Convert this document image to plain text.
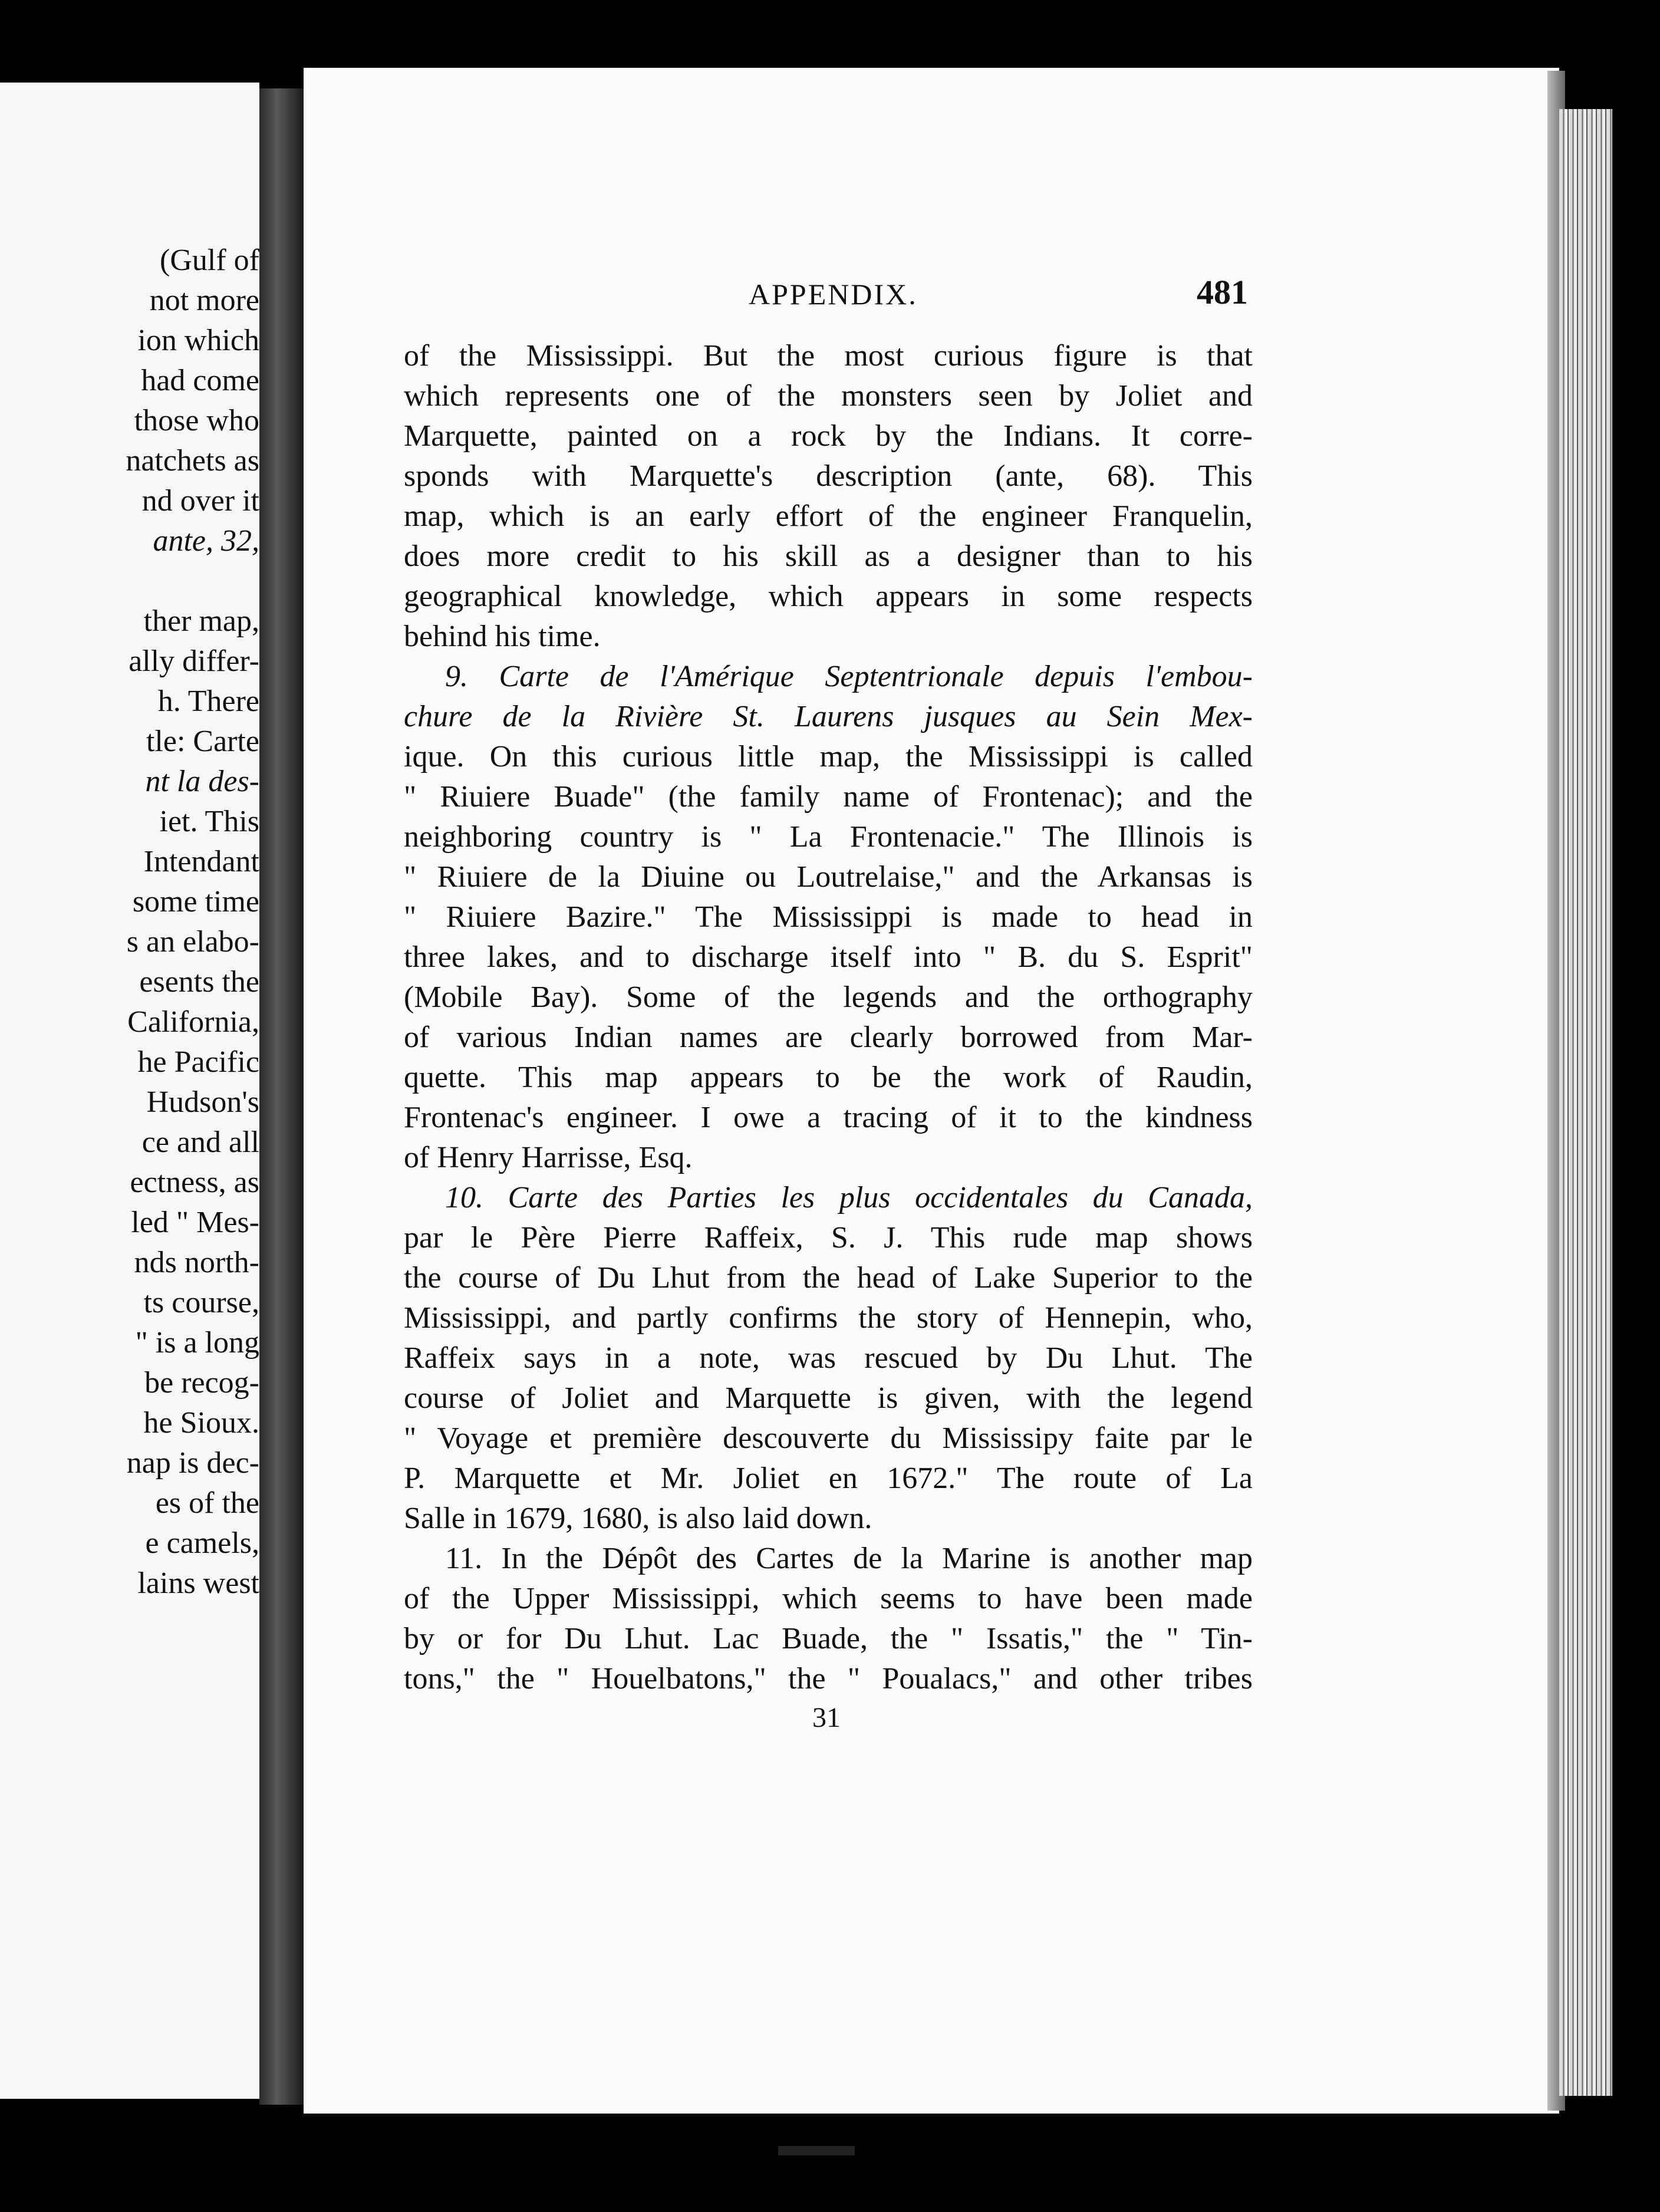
(Gulf of
not more
ion which
had come
those who
natchets as
nd over it
ante, 32,
ther map,
ally differ-
h. There
tle: Carte
nt la des-
iet. This
Intendant
some time
s an elabo-
esents the
California,
he Pacific
Hudson's
ce and all
ectness, as
led " Mes-
nds north-
ts course,
" is a long
be recog-
he Sioux.
nap is dec-
es of the
e camels,
lains west
APPENDIX.	481
of the Mississippi. But the most curious figure is that
which represents one of the monsters seen by Joliet and
Marquette, painted on a rock by the Indians. It corre-
sponds with Marquette's description (ante, 68). This
map, which is an early effort of the engineer Franquelin,
does more credit to his skill as a designer than to his
geographical knowledge, which appears in some respects
behind his time.
9. Carte de l'Amérique Septentrionale depuis l'embou-
chure de la Rivière St. Laurens jusques au Sein Mex-
ique. On this curious little map, the Mississippi is called
" Riuiere Buade" (the family name of Frontenac); and the
neighboring country is " La Frontenacie." The Illinois is
" Riuiere de la Diuine ou Loutrelaise," and the Arkansas is
" Riuiere Bazire." The Mississippi is made to head in
three lakes, and to discharge itself into " B. du S. Esprit"
(Mobile Bay). Some of the legends and the orthography
of various Indian names are clearly borrowed from Mar-
quette. This map appears to be the work of Raudin,
Frontenac's engineer. I owe a tracing of it to the kindness
of Henry Harrisse, Esq.
10. Carte des Parties les plus occidentales du Canada,
par le Père Pierre Raffeix, S. J. This rude map shows
the course of Du Lhut from the head of Lake Superior to the
Mississippi, and partly confirms the story of Hennepin, who,
Raffeix says in a note, was rescued by Du Lhut. The
course of Joliet and Marquette is given, with the legend
" Voyage et première descouverte du Mississipy faite par le
P. Marquette et Mr. Joliet en 1672." The route of La
Salle in 1679, 1680, is also laid down.
11. In the Dépôt des Cartes de la Marine is another map
of the Upper Mississippi, which seems to have been made
by or for Du Lhut. Lac Buade, the " Issatis," the " Tin-
tons," the " Houelbatons," the " Poualacs," and other tribes
31
